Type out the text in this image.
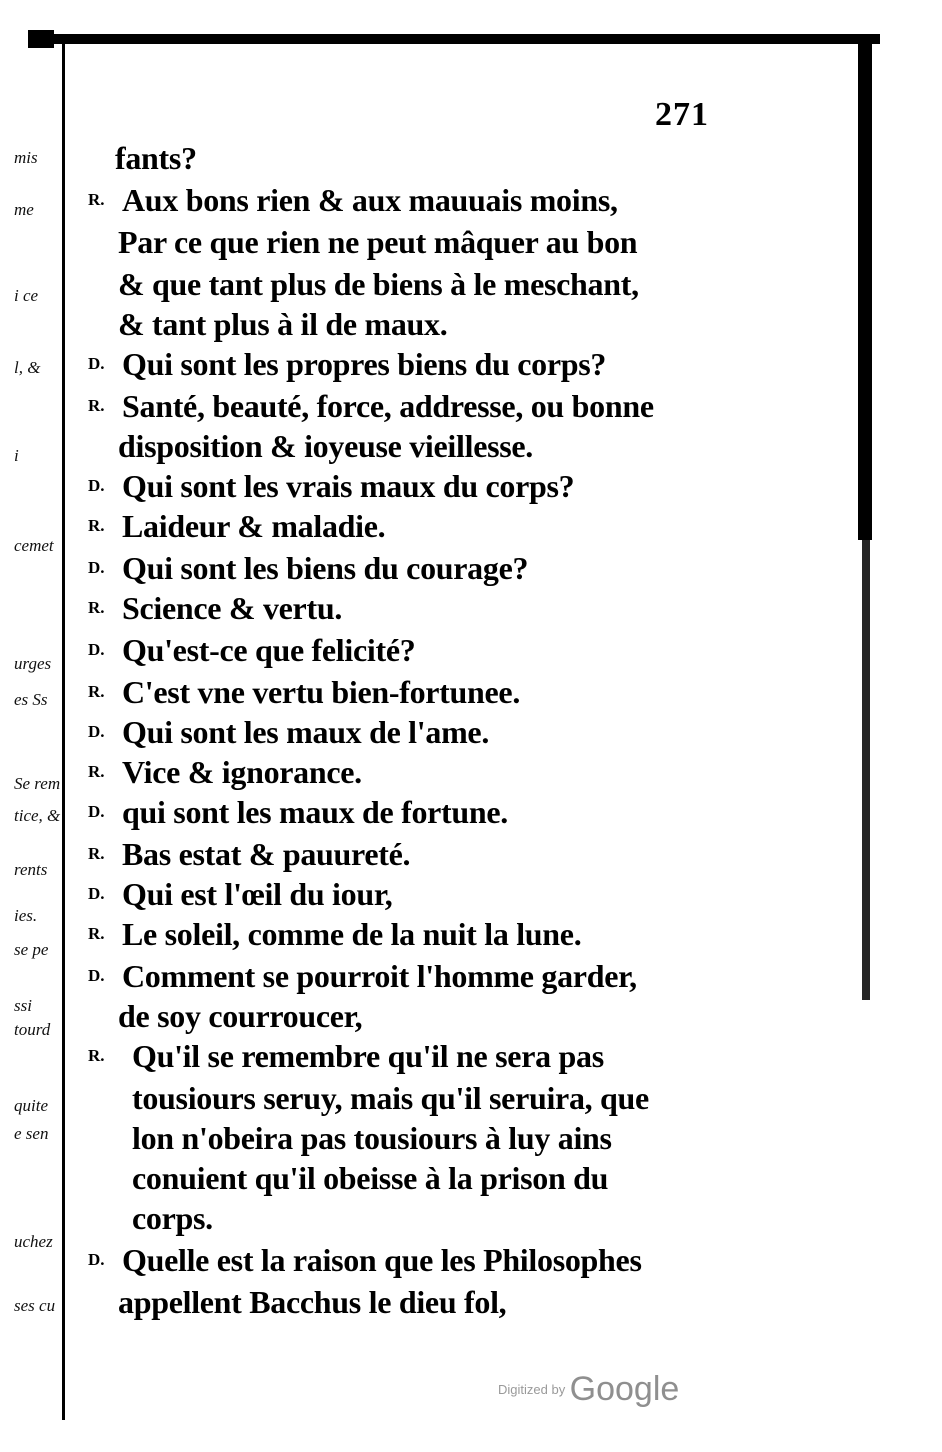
271
mis
me
i ce
l, &
i
cemet
urges
es Ss
Se rem
tice, &
rents
ies.
se pe
ssi
tourd
quite
e sen
uchez
ses cu
fants?
R. Aux bons rien & aux mauuais moins,
Par ce que rien ne peut mâquer au bon
& que tant plus de biens à le meschant,
& tant plus à il de maux.
D. Qui sont les propres biens du corps?
R. Santé, beauté, force, addresse, ou bonne
disposition & ioyeuse vieillesse.
D. Qui sont les vrais maux du corps?
R. Laideur & maladie.
D. Qui sont les biens du courage?
R. Science & vertu.
D. Qu'est-ce que felicité?
R. C'est vne vertu bien-fortunee.
D. Qui sont les maux de l'ame.
R. Vice & ignorance.
D. qui sont les maux de fortune.
R. Bas estat & pauureté.
D. Qui est l'œil du iour,
R. Le soleil, comme de la nuit la lune.
D. Comment se pourroit l'homme garder,
de soy courroucer,
R. Qu'il se remembre qu'il ne sera pas
tousiours seruy, mais qu'il seruira, que
lon n'obeira pas tousiours à luy ains
conuient qu'il obeisse à la prison du
corps.
D. Quelle est la raison que les Philosophes
appellent Bacchus le dieu fol,
Digitized by Google
